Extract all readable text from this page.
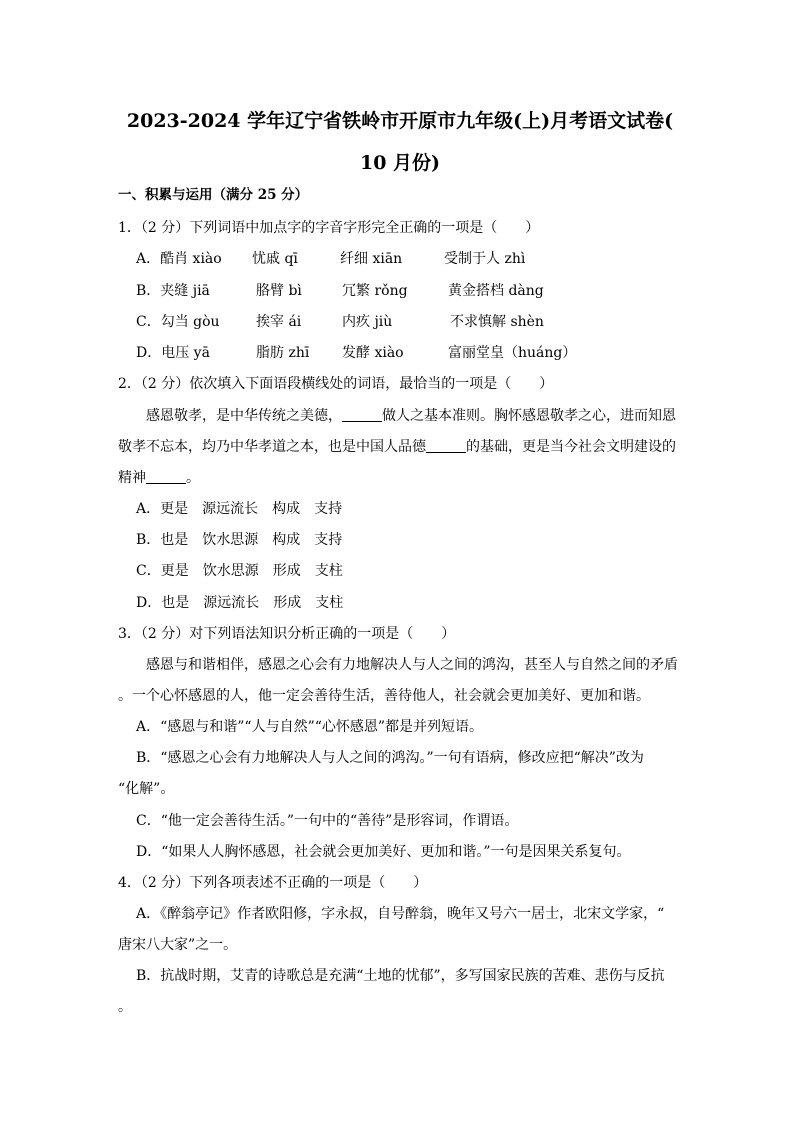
2023-2024 学年辽宁省铁岭市开原市九年级(上)月考语文试卷(
10 月份)
一、积累与运用（满分 25 分）
1．（2 分）下列词语中加点字的字音字形完全正确的一项是（　　）
A．酷肖 xiào 忧戚 qī	纤细 xiān	受制于人 zhì
B．夹缝 jiā	胳臂 bì	冗繁 rǒng	黄金搭档 dàng
C．勾当 gòu	挨宰 ái	内疚 jiù	不求慎解 shèn
D．电压 yā	脂肪 zhī 发酵 xiào	富丽堂皇（huáng）
2．（2 分）依次填入下面语段横线处的词语，最恰当的一项是（　　）
感恩敬孝，是中华传统之美德，	做人之基本准则。胸怀感恩敬孝之心，进而知恩
敬孝不忘本，均乃中华孝道之本，也是中国人品德	的基础，更是当今社会文明建设的
精神	。
A．更是　源远流长　构成　支持
B．也是　饮水思源　构成　支持
C．更是　饮水思源　形成　支柱
D．也是　源远流长　形成　支柱
3．（2 分）对下列语法知识分析正确的一项是（　　）
感恩与和谐相伴，感恩之心会有力地解决人与人之间的鸿沟，甚至人与自然之间的矛盾
。一个心怀感恩的人，他一定会善待生活，善待他人，社会就会更加美好、更加和谐。
A．“感恩与和谐”“人与自然”“心怀感恩”都是并列短语。
B．“感恩之心会有力地解决人与人之间的鸿沟。”一句有语病，修改应把“解决”改为
“化解”。
C．“他一定会善待生活。”一句中的“善待”是形容词，作谓语。
D．“如果人人胸怀感恩，社会就会更加美好、更加和谐。”一句是因果关系复句。
4．（2 分）下列各项表述不正确的一项是（　　）
A．《醉翁亭记》作者欧阳修，字永叔，自号醉翁，晚年又号六一居士，北宋文学家，“
唐宋八大家”之一。
B．抗战时期，艾青的诗歌总是充满“土地的忧郁”，多写国家民族的苦难、悲伤与反抗
。
